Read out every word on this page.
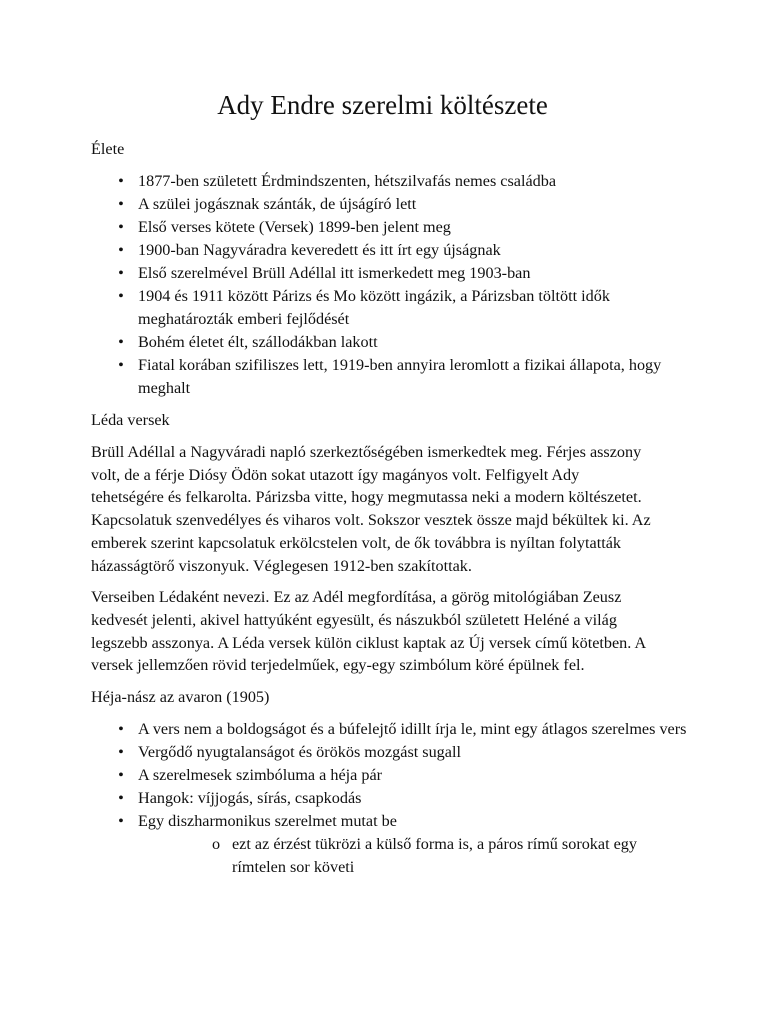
Ady Endre szerelmi költészete
Élete
• 1877-ben született Érdmindszenten, hétszilvafás nemes családba
• A szülei jogásznak szánták, de újságíró lett
• Első verses kötete (Versek) 1899-ben jelent meg
• 1900-ban Nagyváradra keveredett és itt írt egy újságnak
• Első szerelmével Brüll Adéllal itt ismerkedett meg 1903-ban
• 1904 és 1911 között Párizs és Mo között ingázik, a Párizsban töltött idők meghatározták emberi fejlődését
• Bohém életet élt, szállodákban lakott
• Fiatal korában szifiliszes lett, 1919-ben annyira leromlott a fizikai állapota, hogy meghalt
Léda versek

Brüll Adéllal a Nagyváradi napló szerkeztőségében ismerkedtek meg. Férjes asszony volt, de a férje Diósy Ödön sokat utazott így magányos volt. Felfigyelt Ady tehetségére és felkarolta. Párizsba vitte, hogy megmutassa neki a modern költészetet. Kapcsolatuk szenvedélyes és viharos volt. Sokszor vesztek össze majd békültek ki. Az emberek szerint kapcsolatuk erkölcstelen volt, de ők továbbra is nyíltan folytatták házasságtörő viszonyuk. Véglegesen 1912-ben szakítottak.

Verseiben Lédaként nevezi. Ez az Adél megfordítása, a görög mitológiában Zeusz kedvesét jelenti, akivel hattyúként egyesült, és nászukból született Heléné a világ legszebb asszonya. A Léda versek külön ciklust kaptak az Új versek című kötetben. A versek jellemzően rövid terjedelműek, egy-egy szimbólum köré épülnek fel.

Héja-nász az avaron (1905)
• A vers nem a boldogságot és a búfelejtő idillt írja le, mint egy átlagos szerelmes vers
• Vergődő nyugtalanságot és örökös mozgást sugall
• A szerelmesek szimbóluma a héja pár
• Hangok: víjjogás, sírás, csapkodás
• Egy diszharmonikus szerelmet mutat be
o ezt az érzést tükrözi a külső forma is, a páros rímű sorokat egy rímtelen sor követi
